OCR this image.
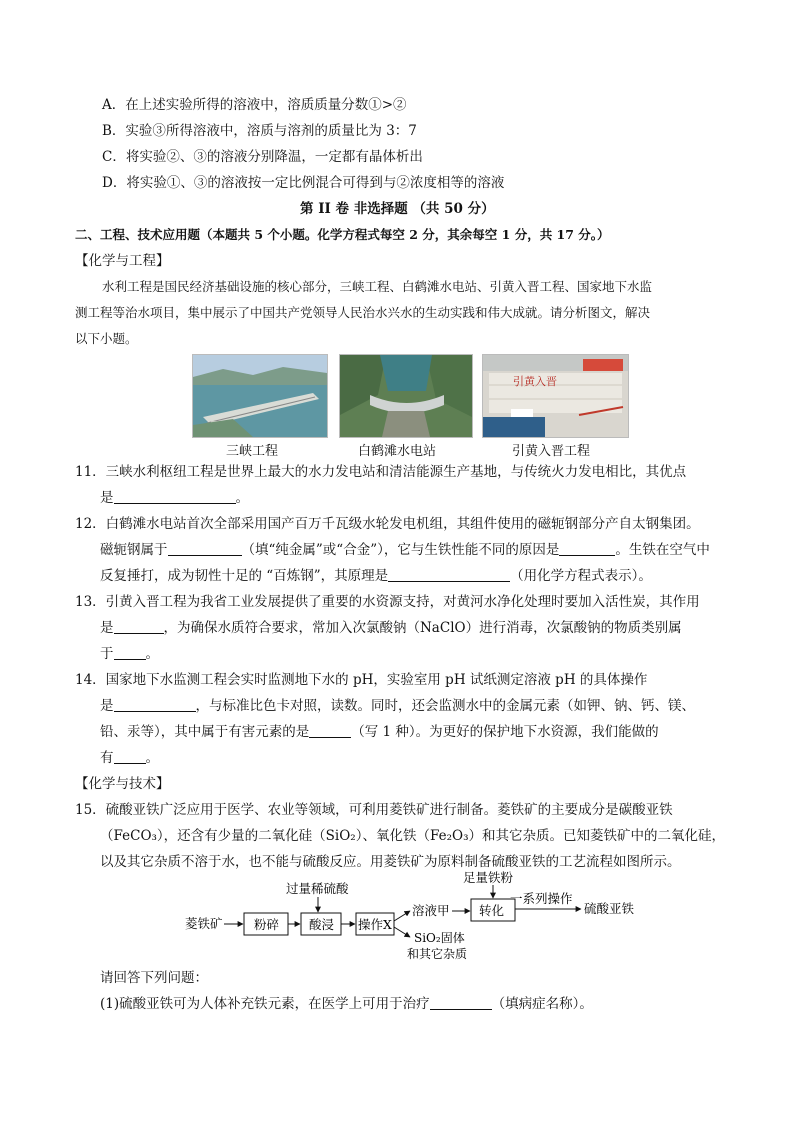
A．在上述实验所得的溶液中，溶质质量分数①>②
B．实验③所得溶液中，溶质与溶剂的质量比为 3：7
C．将实验②、③的溶液分别降温，一定都有晶体析出
D．将实验①、③的溶液按一定比例混合可得到与②浓度相等的溶液
第 II 卷 非选择题 （共 50 分）
二、工程、技术应用题（本题共 5 个小题。化学方程式每空 2 分，其余每空 1 分，共 17 分。）
【化学与工程】
水利工程是国民经济基础设施的核心部分，三峡工程、白鹤滩水电站、引黄入晋工程、国家地下水监
测工程等治水项目，集中展示了中国共产党领导人民治水兴水的生动实践和伟大成就。请分析图文，解决
以下小题。
引黄入晋
三峡工程	白鹤滩水电站	引黄入晋工程
11．三峡水利枢纽工程是世界上最大的水力发电站和清洁能源生产基地，与传统火力发电相比，其优点
是	。
12．白鹤滩水电站首次全部采用国产百万千瓦级水轮发电机组，其组件使用的磁轭钢部分产自太钢集团。
磁轭钢属于	（填“纯金属”或“合金”），它与生铁性能不同的原因是	。生铁在空气中
反复捶打，成为韧性十足的 “百炼钢”，其原理是	（用化学方程式表示）。
13．引黄入晋工程为我省工业发展提供了重要的水资源支持，对黄河水净化处理时要加入活性炭，其作用
是	，为确保水质符合要求，常加入次氯酸钠（NaClO）进行消毒，次氯酸钠的物质类别属
于 。
14．国家地下水监测工程会实时监测地下水的 pH，实验室用 pH 试纸测定溶液 pH 的具体操作
是	，与标准比色卡对照，读数。同时，还会监测水中的金属元素（如钾、钠、钙、镁、
铅、汞等），其中属于有害元素的是	（写 1 种）。为更好的保护地下水资源，我们能做的
有 。
【化学与技术】
15．硫酸亚铁广泛应用于医学、农业等领域，可利用菱铁矿进行制备。菱铁矿的主要成分是碳酸亚铁
（FeCO₃），还含有少量的二氧化硅（SiO₂）、氧化铁（Fe₂O₃）和其它杂质。已知菱铁矿中的二氧化硅，
以及其它杂质不溶于水，也不能与硫酸反应。用菱铁矿为原料制备硫酸亚铁的工艺流程如图所示。
过量稀硫酸
足量铁粉
菱铁矿	粉碎 酸浸 操作X
溶液甲
SiO₂固体
和其它杂质
转化
一系列操作
硫酸亚铁
请回答下列问题：
(1)硫酸亚铁可为人体补充铁元素，在医学上可用于治疗	（填病症名称）。
